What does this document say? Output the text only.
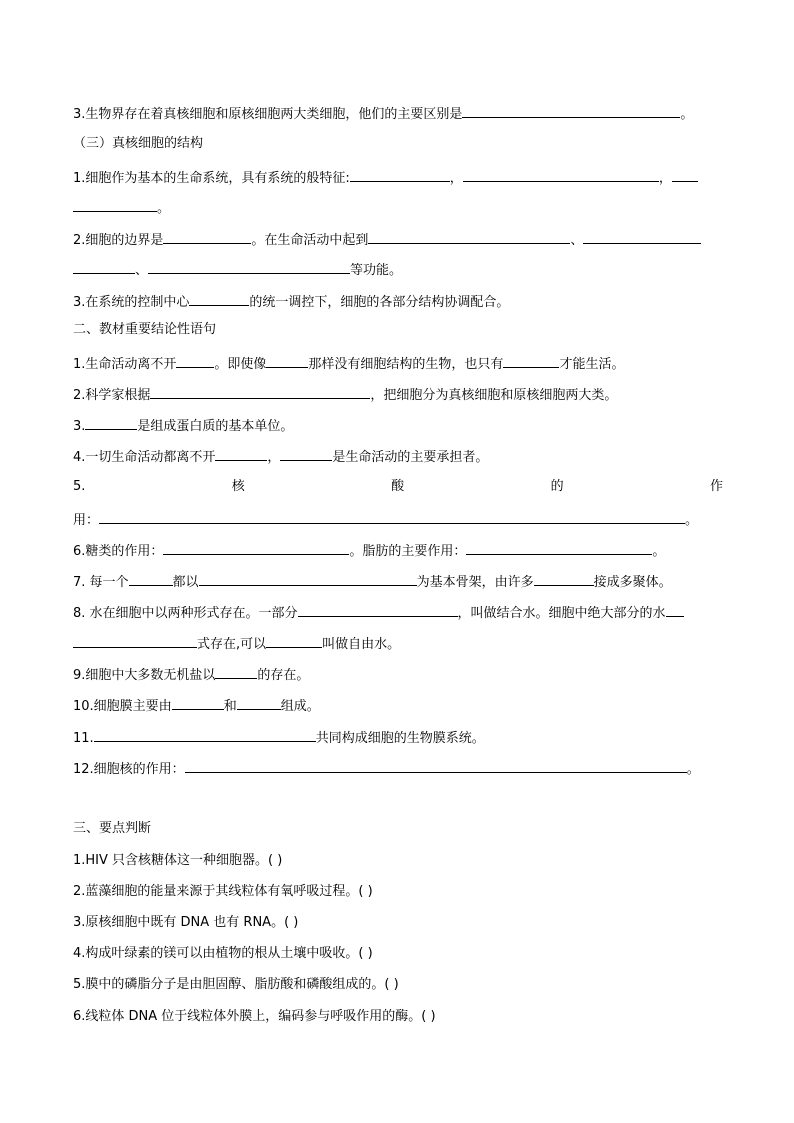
3.生物界存在着真核细胞和原核细胞两大类细胞，他们的主要区别是	。
（三）真核细胞的结构
1.细胞作为基本的生命系统，具有系统的般特征:	，	，
。
2.细胞的边界是	。在生命活动中起到	、
、	等功能。
3.在系统的控制中心	的统一调控下，细胞的各部分结构协调配合。
二、教材重要结论性语句
1.生命活动离不开	。即使像	那样没有细胞结构的生物，也只有	才能生活。
2.科学家根据	，把细胞分为真核细胞和原核细胞两大类。
3.	是组成蛋白质的基本单位。
4.一切生命活动都离不开	，	是生命活动的主要承担者。
5.	核	酸	的	作
用：	。
6.糖类的作用：	。脂肪的主要作用：	。
7. 每一个	都以	为基本骨架，由许多	接成多聚体。
8. 水在细胞中以两种形式存在。一部分	，叫做结合水。细胞中绝大部分的水
式存在,可以	叫做自由水。
9.细胞中大多数无机盐以	的存在。
10.细胞膜主要由	和	组成。
11.	共同构成细胞的生物膜系统。
12.细胞核的作用：	。
三、要点判断
1.HIV 只含核糖体这一种细胞器。( )
2.蓝藻细胞的能量来源于其线粒体有氧呼吸过程。( )
3.原核细胞中既有 DNA 也有 RNA。( )
4.构成叶绿素的镁可以由植物的根从土壤中吸收。( )
5.膜中的磷脂分子是由胆固醇、脂肪酸和磷酸组成的。( )
6.线粒体 DNA 位于线粒体外膜上，编码参与呼吸作用的酶。( )
